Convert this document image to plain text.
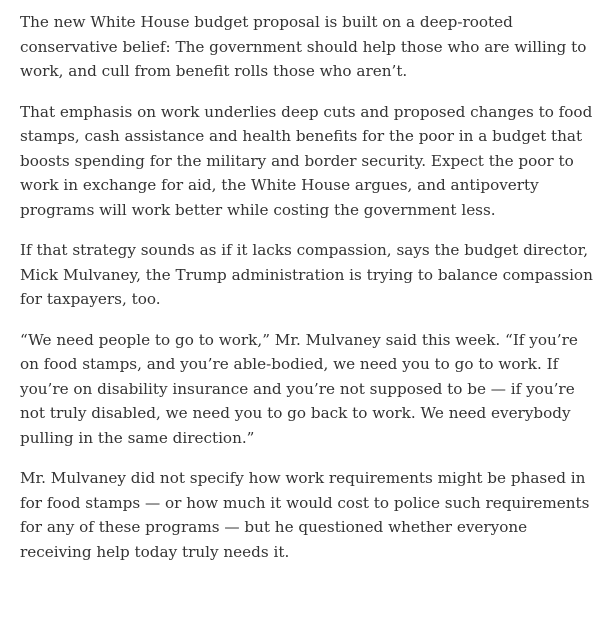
The new White House budget proposal is built on a deep-rooted conservative belief: The government should help those who are willing to work, and cull from benefit rolls those who aren’t.

That emphasis on work underlies deep cuts and proposed changes to food stamps, cash assistance and health benefits for the poor in a budget that boosts spending for the military and border security. Expect the poor to work in exchange for aid, the White House argues, and antipoverty programs will work better while costing the government less.

If that strategy sounds as if it lacks compassion, says the budget director, Mick Mulvaney, the Trump administration is trying to balance compassion for taxpayers, too.

“We need people to go to work,” Mr. Mulvaney said this week. “If you’re on food stamps, and you’re able-bodied, we need you to go to work. If you’re on disability insurance and you’re not supposed to be — if you’re not truly disabled, we need you to go back to work. We need everybody pulling in the same direction.”

Mr. Mulvaney did not specify how work requirements might be phased in for food stamps — or how much it would cost to police such requirements for any of these programs — but he questioned whether everyone receiving help today truly needs it.
